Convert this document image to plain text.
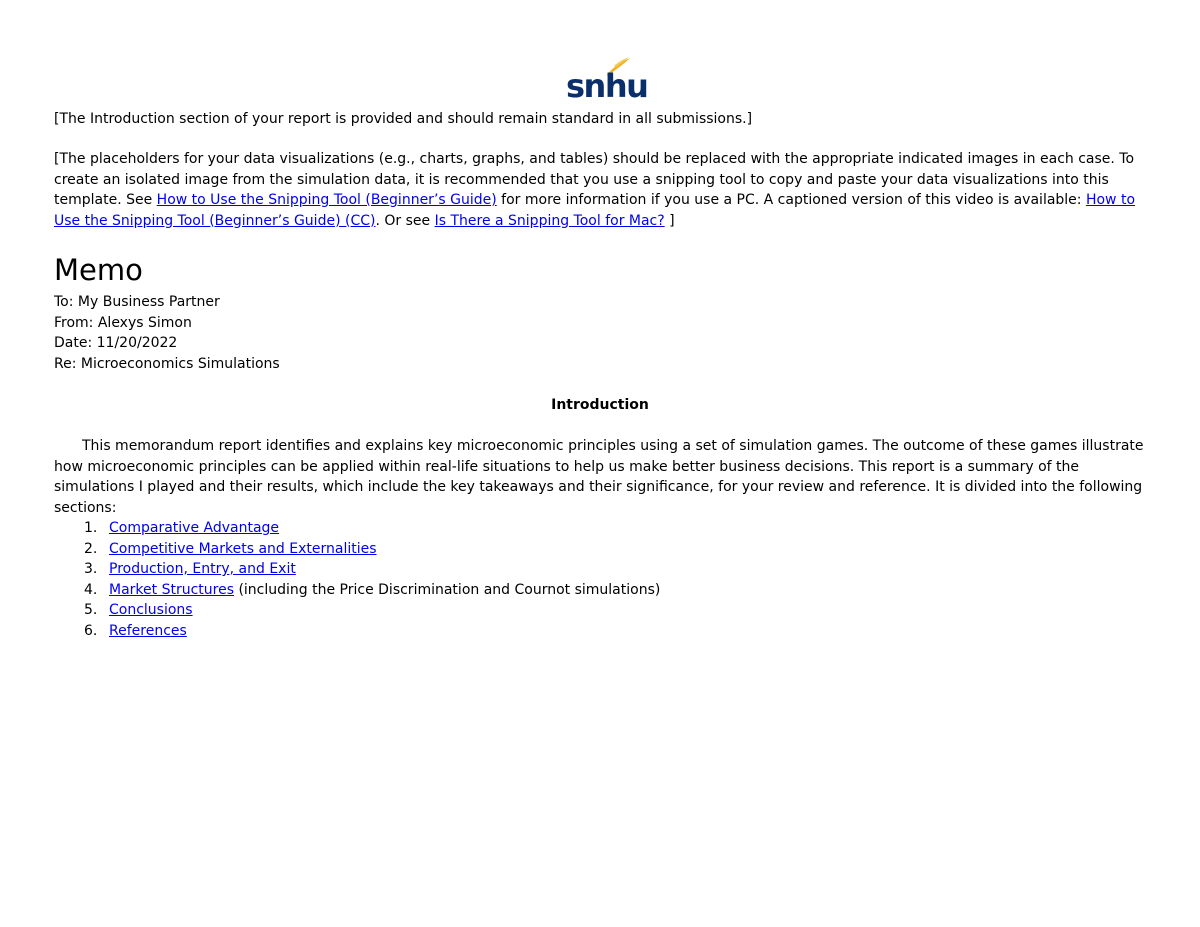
snhu

[The Introduction section of your report is provided and should remain standard in all submissions.]

[The placeholders for your data visualizations (e.g., charts, graphs, and tables) should be replaced with the appropriate indicated images in each case. To create an isolated image from the simulation data, it is recommended that you use a snipping tool to copy and paste your data visualizations into this template. See How to Use the Snipping Tool (Beginner’s Guide) for more information if you use a PC. A captioned version of this video is available: How to Use the Snipping Tool (Beginner’s Guide) (CC). Or see Is There a Snipping Tool for Mac? ]

Memo

To: My Business Partner

From: Alexys Simon

Date: 11/20/2022

Re: Microeconomics Simulations

Introduction

This memorandum report identifies and explains key microeconomic principles using a set of simulation games. The outcome of these games illustrate how microeconomic principles can be applied within real-life situations to help us make better business decisions. This report is a summary of the simulations I played and their results, which include the key takeaways and their significance, for your review and reference. It is divided into the following sections:

1. Comparative Advantage
2. Competitive Markets and Externalities
3. Production, Entry, and Exit
4. Market Structures (including the Price Discrimination and Cournot simulations)
5. Conclusions
6. References
